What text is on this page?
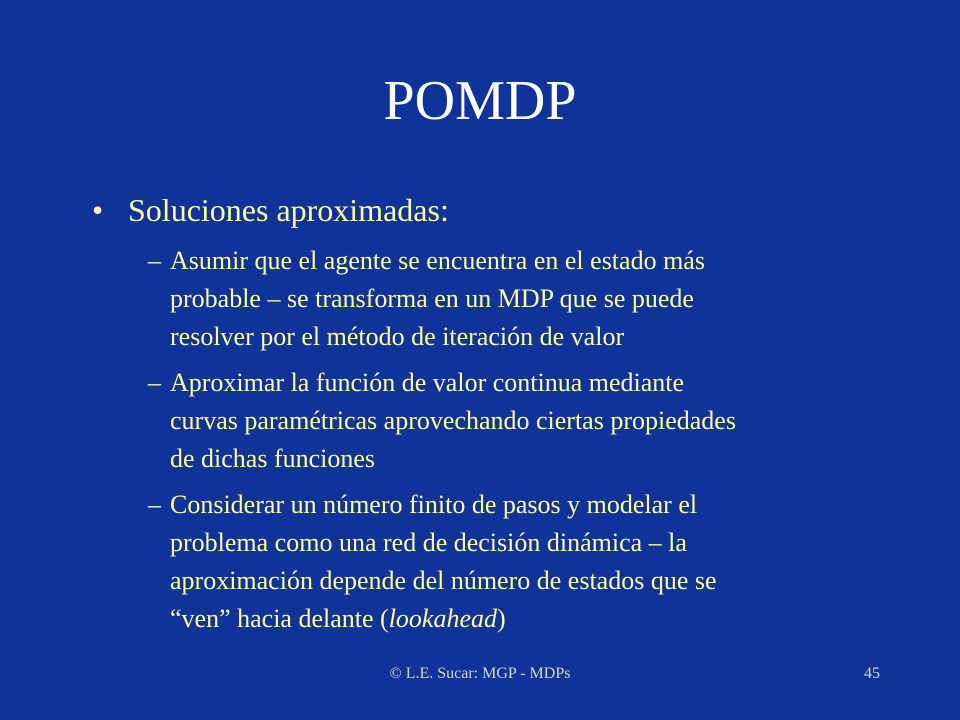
POMDP
• Soluciones aproximadas:
– Asumir que el agente se encuentra en el estado más
probable – se transforma en un MDP que se puede
resolver por el método de iteración de valor
– Aproximar la función de valor continua mediante
curvas paramétricas aprovechando ciertas propiedades
de dichas funciones
– Considerar un número finito de pasos y modelar el
problema como una red de decisión dinámica – la
aproximación depende del número de estados que se
“ven” hacia delante (lookahead)
© L.E. Sucar: MGP - MDPs	45
